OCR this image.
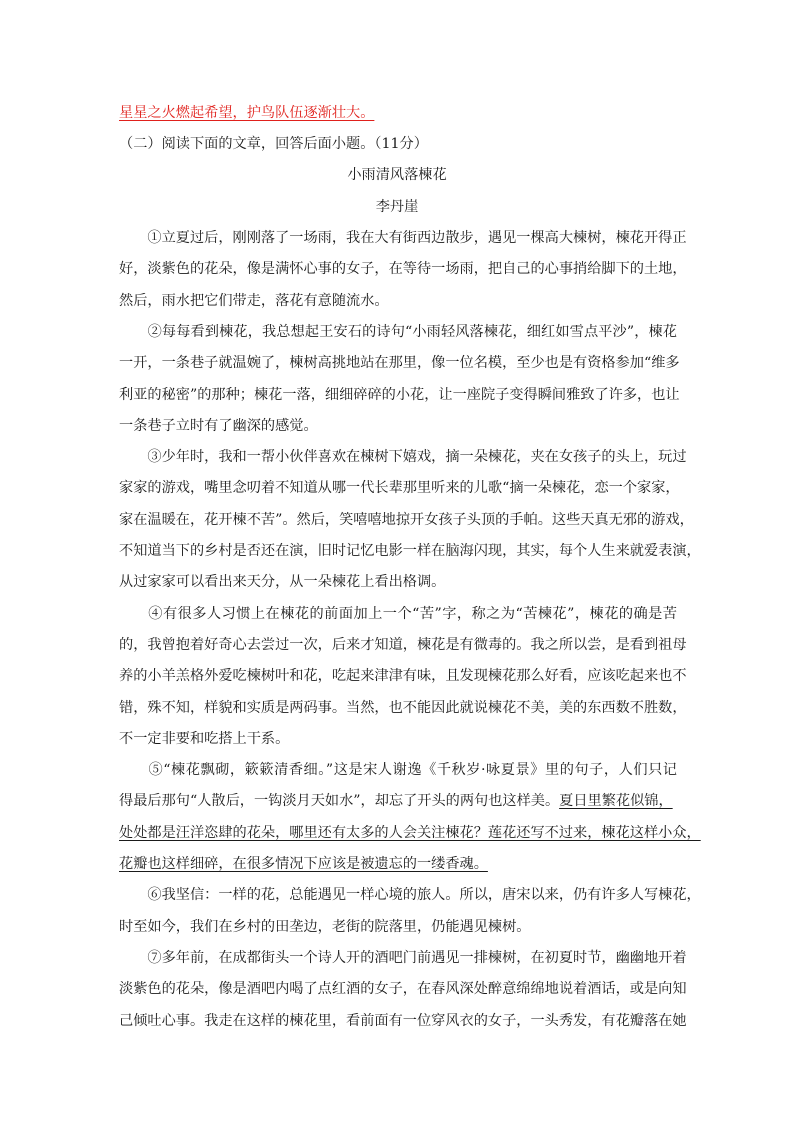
星星之火燃起希望，护鸟队伍逐渐壮大。
（二）阅读下面的文章，回答后面小题。（11分）
小雨清风落楝花
李丹崖
　　①立夏过后，刚刚落了一场雨，我在大有街西边散步，遇见一棵高大楝树，楝花开得正
好，淡紫色的花朵，像是满怀心事的女子，在等待一场雨，把自己的心事捎给脚下的土地，
然后，雨水把它们带走，落花有意随流水。
　　②每每看到楝花，我总想起王安石的诗句“小雨轻风落楝花，细红如雪点平沙”，楝花
一开，一条巷子就温婉了，楝树高挑地站在那里，像一位名模，至少也是有资格参加“维多
利亚的秘密”的那种；楝花一落，细细碎碎的小花，让一座院子变得瞬间雅致了许多，也让
一条巷子立时有了幽深的感觉。
　　③少年时，我和一帮小伙伴喜欢在楝树下嬉戏，摘一朵楝花，夹在女孩子的头上，玩过
家家的游戏，嘴里念叨着不知道从哪一代长辈那里听来的儿歌“摘一朵楝花，恋一个家家，
家在温暖在，花开楝不苦”。然后，笑嘻嘻地掠开女孩子头顶的手帕。这些天真无邪的游戏，
不知道当下的乡村是否还在演，旧时记忆电影一样在脑海闪现，其实，每个人生来就爱表演，
从过家家可以看出来天分，从一朵楝花上看出格调。
　　④有很多人习惯上在楝花的前面加上一个“苦”字，称之为“苦楝花”，楝花的确是苦
的，我曾抱着好奇心去尝过一次，后来才知道，楝花是有微毒的。我之所以尝，是看到祖母
养的小羊羔格外爱吃楝树叶和花，吃起来津津有味，且发现楝花那么好看，应该吃起来也不
错，殊不知，样貌和实质是两码事。当然，也不能因此就说楝花不美，美的东西数不胜数，
不一定非要和吃搭上干系。
　　⑤“楝花飘砌，簌簌清香细。”这是宋人谢逸《千秋岁·咏夏景》里的句子，人们只记
得最后那句“人散后，一钩淡月天如水”，却忘了开头的两句也这样美。夏日里繁花似锦，
处处都是汪洋恣肆的花朵，哪里还有太多的人会关注楝花？莲花还写不过来，楝花这样小众，
花瓣也这样细碎，在很多情况下应该是被遗忘的一缕香魂。
　　⑥我坚信：一样的花，总能遇见一样心境的旅人。所以，唐宋以来，仍有许多人写楝花，
时至如今，我们在乡村的田垄边，老街的院落里，仍能遇见楝树。
　　⑦多年前，在成都街头一个诗人开的酒吧门前遇见一排楝树，在初夏时节，幽幽地开着
淡紫色的花朵，像是酒吧内喝了点红酒的女子，在春风深处醉意绵绵地说着酒话，或是向知
己倾吐心事。我走在这样的楝花里，看前面有一位穿风衣的女子，一头秀发，有花瓣落在她
